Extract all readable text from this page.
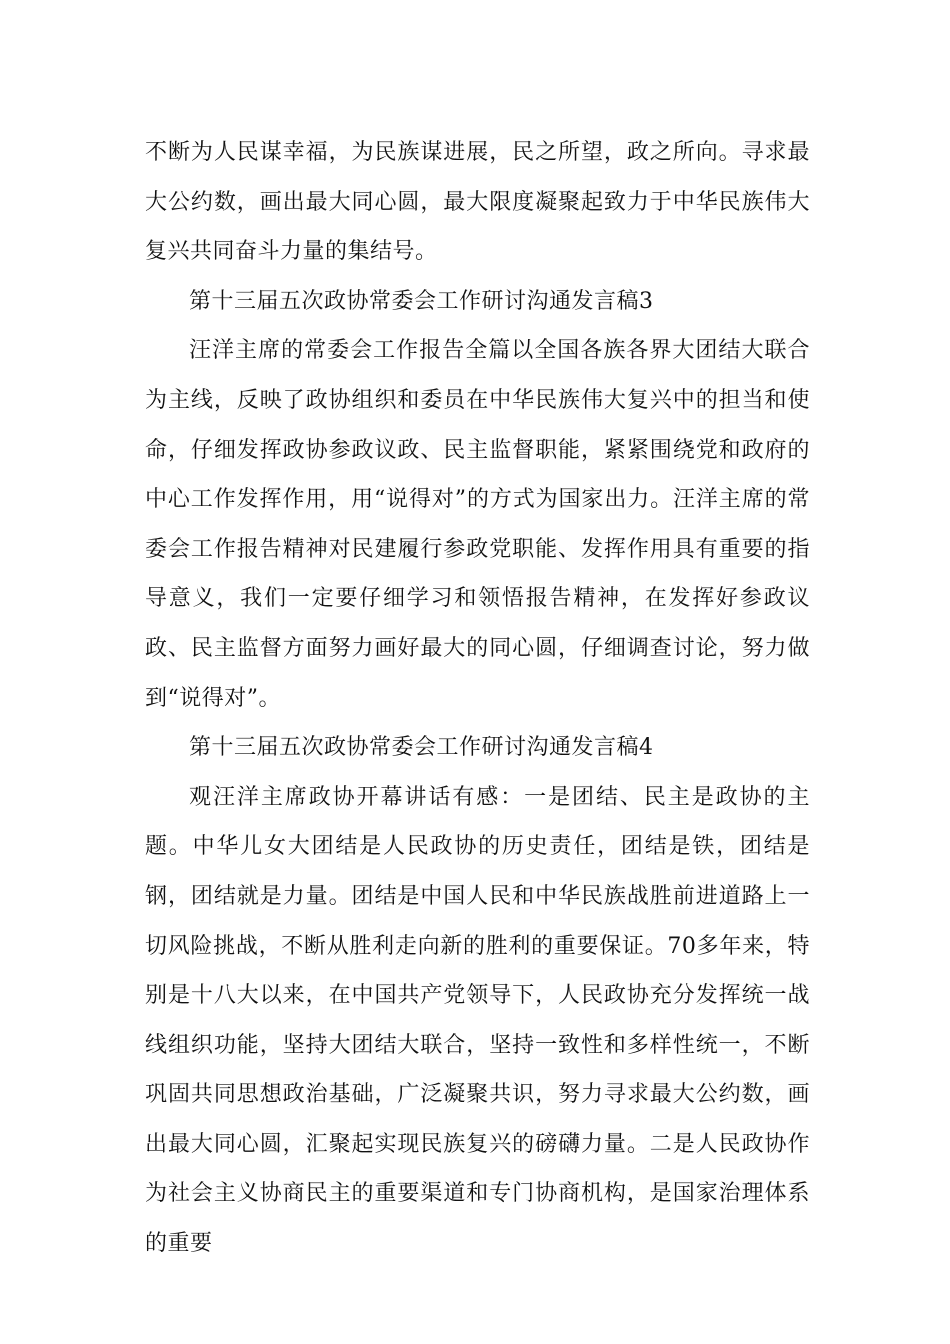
不断为人民谋幸福，为民族谋进展，民之所望，政之所向。寻求最大公约数，画出最大同心圆，最大限度凝聚起致力于中华民族伟大复兴共同奋斗力量的集结号。

第十三届五次政协常委会工作研讨沟通发言稿3

汪洋主席的常委会工作报告全篇以全国各族各界大团结大联合为主线，反映了政协组织和委员在中华民族伟大复兴中的担当和使命，仔细发挥政协参政议政、民主监督职能，紧紧围绕党和政府的中心工作发挥作用，用“说得对”的方式为国家出力。汪洋主席的常委会工作报告精神对民建履行参政党职能、发挥作用具有重要的指导意义，我们一定要仔细学习和领悟报告精神，在发挥好参政议政、民主监督方面努力画好最大的同心圆，仔细调查讨论，努力做到“说得对”。

第十三届五次政协常委会工作研讨沟通发言稿4

观汪洋主席政协开幕讲话有感：一是团结、民主是政协的主题。中华儿女大团结是人民政协的历史责任，团结是铁，团结是钢，团结就是力量。团结是中国人民和中华民族战胜前进道路上一切风险挑战，不断从胜利走向新的胜利的重要保证。70多年来，特别是十八大以来，在中国共产党领导下，人民政协充分发挥统一战线组织功能，坚持大团结大联合，坚持一致性和多样性统一，不断巩固共同思想政治基础，广泛凝聚共识，努力寻求最大公约数，画出最大同心圆，汇聚起实现民族复兴的磅礴力量。二是人民政协作为社会主义协商民主的重要渠道和专门协商机构，是国家治理体系的重要
